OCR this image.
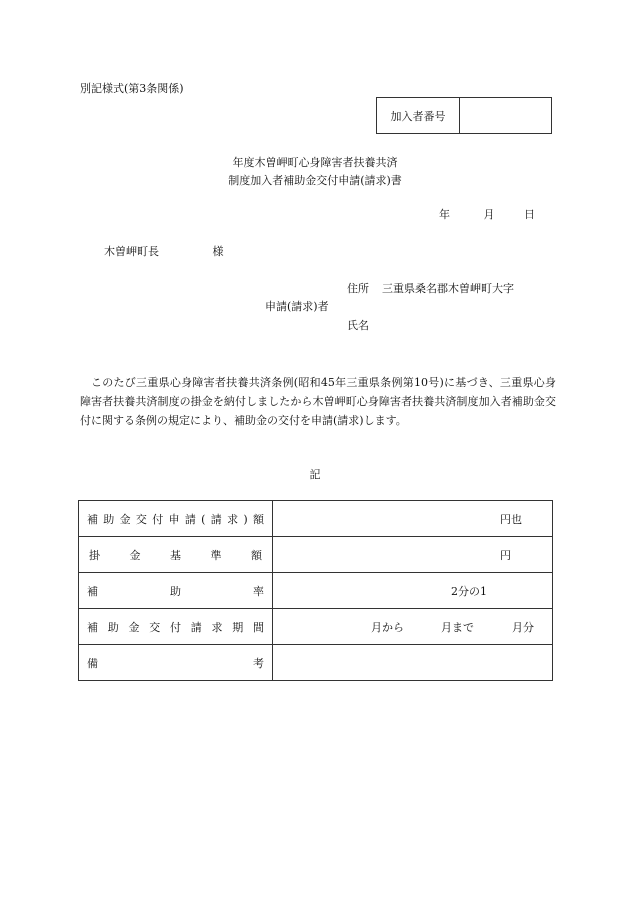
別記様式(第3条関係)
加入者番号
年度木曽岬町心身障害者扶養共済
制度加入者補助金交付申請(請求)書
年	月	日
木曽岬町長	様
住所 三重県桑名郡木曽岬町大字
申請(請求)者
氏名
このたび三重県心身障害者扶養共済条例(昭和45年三重県条例第10号)に基づき、三重県心身障害者扶養共済制度の掛金を納付しましたから木曽岬町心身障害者扶養共済制度加入者補助金交付に関する条例の規定により、補助金の交付を申請(請求)します。
記
補助金交付申請(請求)額	円也

掛金基準額	円

補助率	2分の1

補助金交付請求期間	月から 月まで 月分

備考	
